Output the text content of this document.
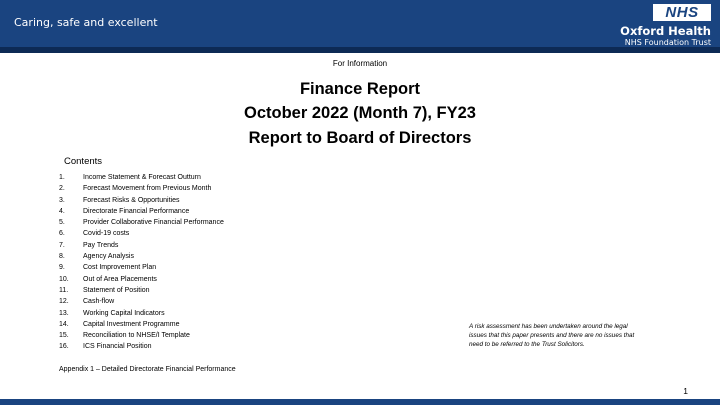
Caring, safe and excellent
NHS
Oxford Health
NHS Foundation Trust
For Information
Finance Report
October 2022 (Month 7), FY23
Report to Board of Directors
Contents
1.	Income Statement & Forecast Outturn
2.	Forecast Movement from Previous Month
3.	Forecast Risks & Opportunities
4.	Directorate Financial Performance
5.	Provider Collaborative Financial Performance
6.	Covid-19 costs
7.	Pay Trends
8.	Agency Analysis
9.	Cost Improvement Plan
10. Out of Area Placements
11. Statement of Position
12. Cash-flow
13. Working Capital Indicators
14. Capital Investment Programme
15. Reconciliation to NHSE/I Template
16. ICS Financial Position
Appendix 1 – Detailed Directorate Financial Performance
A risk assessment has been undertaken around the legal issues that this paper presents and there are no issues that need to be referred to the Trust Solicitors.
1
